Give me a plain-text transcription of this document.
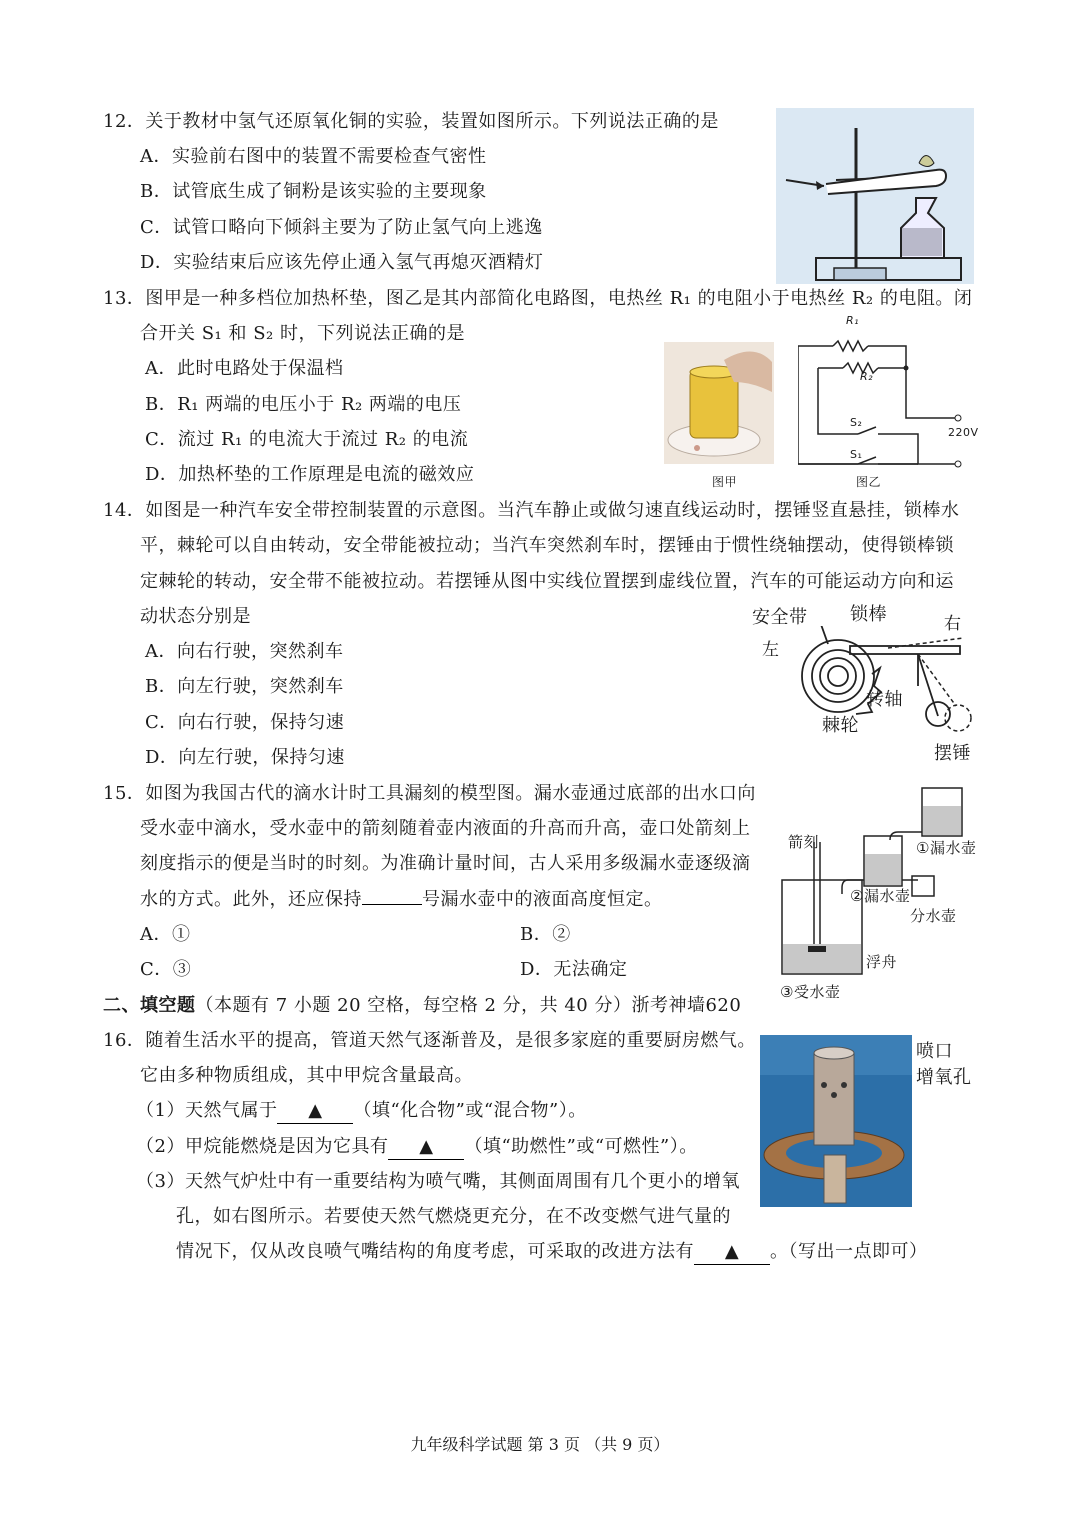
12．关于教材中氢气还原氧化铜的实验，装置如图所示。下列说法正确的是
A．实验前右图中的装置不需要检查气密性
B．试管底生成了铜粉是该实验的主要现象
C．试管口略向下倾斜主要为了防止氢气向上逃逸
D．实验结束后应该先停止通入氢气再熄灭酒精灯
13．图甲是一种多档位加热杯垫，图乙是其内部简化电路图，电热丝 R₁ 的电阻小于电热丝 R₂ 的电阻。闭
合开关 S₁ 和 S₂ 时，下列说法正确的是
A．此时电路处于保温档
B．R₁ 两端的电压小于 R₂ 两端的电压
C．流过 R₁ 的电流大于流过 R₂ 的电流
D．加热杯垫的工作原理是电流的磁效应	图甲
R₁
R₂
S₂
S₁
220V
图乙
14．如图是一种汽车安全带控制装置的示意图。当汽车静止或做匀速直线运动时，摆锤竖直悬挂，锁棒水
平，棘轮可以自由转动，安全带能被拉动；当汽车突然刹车时，摆锤由于惯性绕轴摆动，使得锁棒锁
定棘轮的转动，安全带不能被拉动。若摆锤从图中实线位置摆到虚线位置，汽车的可能运动方向和运
动状态分别是
A．向右行驶，突然刹车
B．向左行驶，突然刹车
C．向右行驶，保持匀速
D．向左行驶，保持匀速
安全带 锁棒	右
左
转轴
棘轮
摆锤
15．如图为我国古代的滴水计时工具漏刻的模型图。漏水壶通过底部的出水口向
受水壶中滴水，受水壶中的箭刻随着壶内液面的升高而升高，壶口处箭刻上
刻度指示的便是当时的时刻。为准确计量时间，古人采用多级漏水壶逐级滴
水的方式。此外，还应保持	号漏水壶中的液面高度恒定。
A．①	B．②
C．③	D．无法确定
箭刻	①漏水壶
②漏水壶
分水壶
浮舟
③受水壶
二、填空题（本题有 7 小题 20 空格，每空格 2 分，共 40 分）浙考神墙620
16．随着生活水平的提高，管道天然气逐渐普及，是很多家庭的重要厨房燃气。
它由多种物质组成，其中甲烷含量最高。
（1）天然气属于 ▲ （填“化合物”或“混合物”）。
（2）甲烷能燃烧是因为它具有 ▲ （填“助燃性”或“可燃性”）。
（3）天然气炉灶中有一重要结构为喷气嘴，其侧面周围有几个更小的增氧
孔，如右图所示。若要使天然气燃烧更充分，在不改变燃气进气量的
情况下，仅从改良喷气嘴结构的角度考虑，可采取的改进方法有 ▲ 。（写出一点即可）
喷口
增氧孔
九年级科学试题 第 3 页 （共 9 页）
